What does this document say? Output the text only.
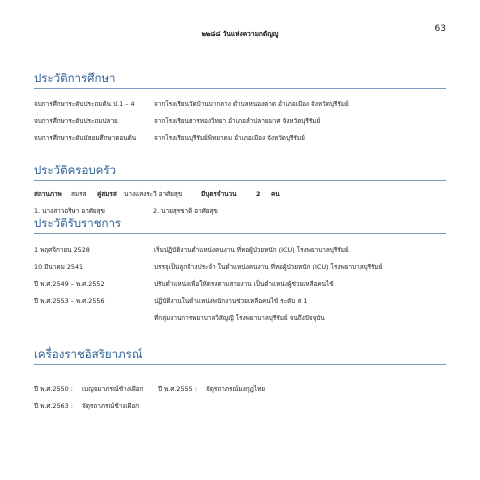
๒๒๘๘ วันแห่งความกตัญญู	63
ประวัติการศึกษา
จบการศึกษาระดับประถมต้น ป.1 – 4	จากโรงเรียนวัดบ้านบากลาง ตำบลหนองตาด อำเภอเมือง จังหวัดบุรีรัมย์
จบการศึกษาระดับประถมปลาย	จากโรงเรียนธารทองวิทยา อำเภอลำปลายมาศ จังหวัดบุรีรัมย์
จบการศึกษาระดับมัธยมศึกษาตอนต้น	จากโรงเรียนบุรีรัมย์พิทยาคม อำเภอเมือง จังหวัดบุรีรัมย์
ประวัติครอบครัว
สถานภาพ สมรส คู่สมรส นางแสงระวี อาศัยสุข	มีบุตรจำนวน	2 คน
1. นางสาวอริษา อาศัยสุข	2. นายสุรชาติ อาศัยสุข
ประวัติรับราชการ
1 พฤศจิกายน 2528	เริ่มปฏิบัติงานตำแหน่งคนงาน ที่หอผู้ป่วยหนัก (ICU) โรงพยาบาลบุรีรัมย์
10 มีนาคม 2541	บรรจุเป็นลูกจ้างประจำ ในตำแหน่งคนงาน ที่หอผู้ป่วยหนัก (ICU) โรงพยาบาลบุรีรัมย์
ปี พ.ศ.2549 – พ.ศ.2552	ปรับตำแหน่งเพื่อให้ตรงตามสายงาน เป็นตำแหน่งผู้ช่วยเหลือคนไข้
ปี พ.ศ.2553 – พ.ศ.2556	ปฏิบัติงานในตำแหน่งพนักงานช่วยเหลือคนไข้ ระดับ ส 1
ที่กลุ่มงานการพยาบาลวิสัญญี โรงพยาบาลบุรีรัมย์ จนถึงปัจจุบัน
เครื่องราชอิสริยาภรณ์
ปี พ.ศ.2550 : เบญจมาภรณ์ช้างเผือก ปี พ.ศ.2555 : จัตุรถาภรณ์มงกุฎไทย
ปี พ.ศ.2563 : จัตุรถาภรณ์ช้างเผือก
